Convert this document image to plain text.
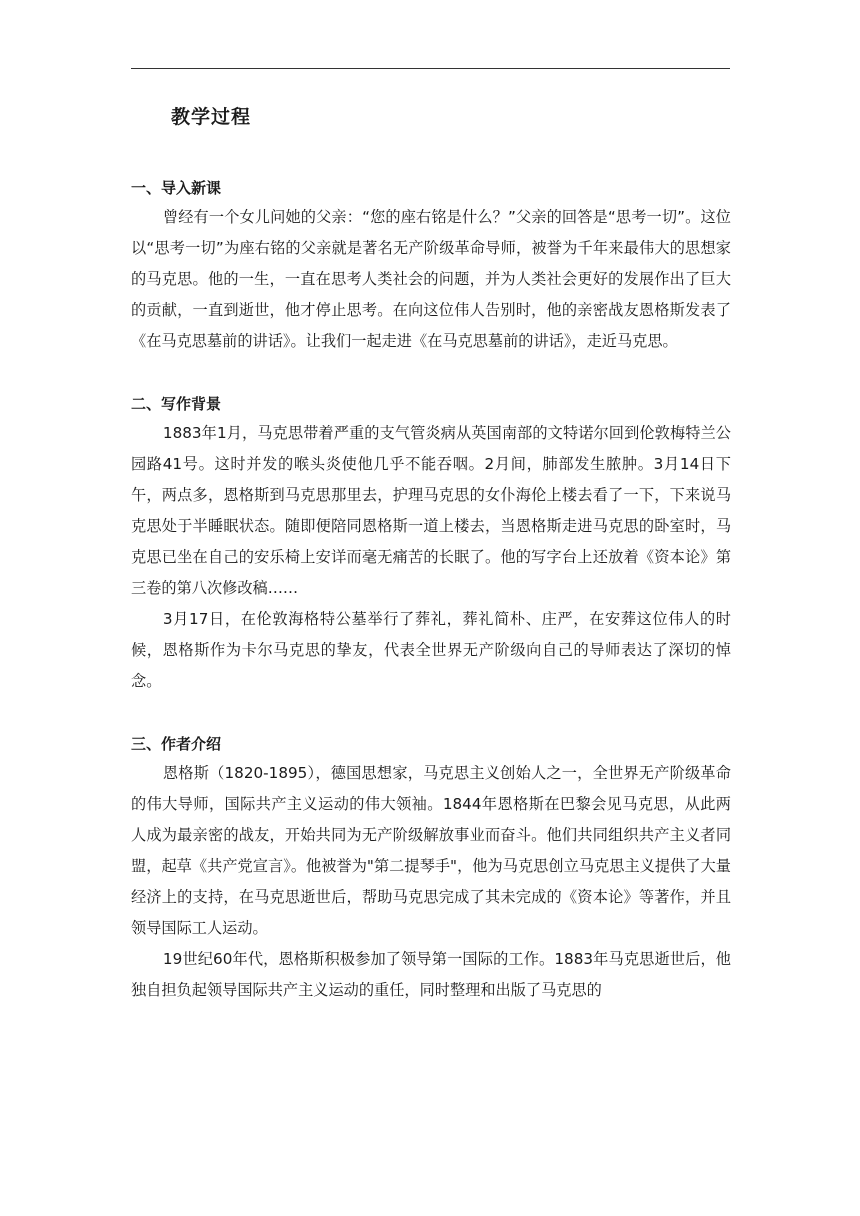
教学过程

一、导入新课

曾经有一个女儿问她的父亲：“您的座右铭是什么？”父亲的回答是“思考一切”。这位以“思考一切”为座右铭的父亲就是著名无产阶级革命导师，被誉为千年来最伟大的思想家的马克思。他的一生，一直在思考人类社会的问题，并为人类社会更好的发展作出了巨大的贡献，一直到逝世，他才停止思考。在向这位伟人告别时，他的亲密战友恩格斯发表了《在马克思墓前的讲话》。让我们一起走进《在马克思墓前的讲话》，走近马克思。

二、写作背景

1883年1月，马克思带着严重的支气管炎病从英国南部的文特诺尔回到伦敦梅特兰公园路41号。这时并发的喉头炎使他几乎不能吞咽。2月间，肺部发生脓肿。3月14日下午，两点多，恩格斯到马克思那里去，护理马克思的女仆海伦上楼去看了一下，下来说马克思处于半睡眠状态。随即便陪同恩格斯一道上楼去，当恩格斯走进马克思的卧室时，马克思已坐在自己的安乐椅上安详而毫无痛苦的长眠了。他的写字台上还放着《资本论》第三卷的第八次修改稿……

3月17日，在伦敦海格特公墓举行了葬礼，葬礼简朴、庄严，在安葬这位伟人的时候，恩格斯作为卡尔马克思的挚友，代表全世界无产阶级向自己的导师表达了深切的悼念。

三、作者介绍

恩格斯（1820-1895），德国思想家，马克思主义创始人之一，全世界无产阶级革命的伟大导师，国际共产主义运动的伟大领袖。1844年恩格斯在巴黎会见马克思，从此两人成为最亲密的战友，开始共同为无产阶级解放事业而奋斗。他们共同组织共产主义者同盟，起草《共产党宣言》。他被誉为"第二提琴手"，他为马克思创立马克思主义提供了大量经济上的支持，在马克思逝世后，帮助马克思完成了其未完成的《资本论》等著作，并且领导国际工人运动。

19世纪60年代，恩格斯积极参加了领导第一国际的工作。1883年马克思逝世后，他独自担负起领导国际共产主义运动的重任，同时整理和出版了马克思的
